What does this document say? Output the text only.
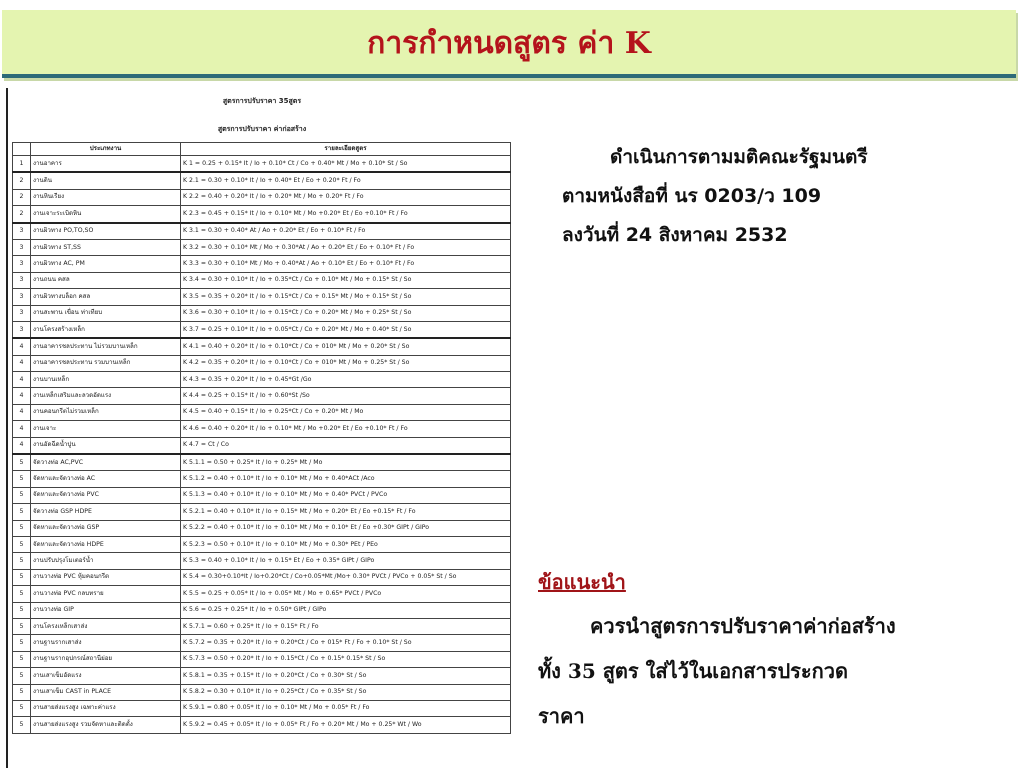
การกำหนดสูตร ค่า K
สูตรการปรับราคา 35สูตร
สูตรการปรับราคา ค่าก่อสร้าง
	ประเภทงาน	รายละเอียดสูตร
1	งานอาคาร	K 1 = 0.25 + 0.15* It / Io + 0.10* Ct / Co + 0.40* Mt / Mo + 0.10* St / So
2	งานดิน	K 2.1 = 0.30 + 0.10* It / Io + 0.40* Et / Eo + 0.20* Ft / Fo
2	งานหินเรียง	K 2.2 = 0.40 + 0.20* It / Io + 0.20* Mt / Mo + 0.20* Ft / Fo
2	งานเจาะระเบิดหิน	K 2.3 = 0.45 + 0.15* It / Io + 0.10* Mt / Mo +0.20* Et / Eo +0.10* Ft / Fo
3	งานผิวทาง PO,TO,SO	K 3.1 = 0.30 + 0.40* At / Ao + 0.20* Et / Eo + 0.10* Ft / Fo
3	งานผิวทาง ST,SS	K 3.2 = 0.30 + 0.10* Mt / Mo + 0.30*At / Ao + 0.20* Et / Eo + 0.10* Ft / Fo
3	งานผิวทาง AC, PM	K 3.3 = 0.30 + 0.10* Mt / Mo + 0.40*At / Ao + 0.10* Et / Eo + 0.10* Ft / Fo
3	งานถนน คสล	K 3.4 = 0.30 + 0.10* It / Io + 0.35*Ct / Co + 0.10* Mt / Mo + 0.15* St / So
3	งานผิวทางบล็อก คสล	K 3.5 = 0.35 + 0.20* It / Io + 0.15*Ct / Co + 0.15* Mt / Mo + 0.15* St / So
3	งานสะพาน เขื่อน ท่าเทียบ	K 3.6 = 0.30 + 0.10* It / Io + 0.15*Ct / Co + 0.20* Mt / Mo + 0.25* St / So
3	งานโครงสร้างเหล็ก	K 3.7 = 0.25 + 0.10* It / Io + 0.05*Ct / Co + 0.20* Mt / Mo + 0.40* St / So
4	งานอาคารชลประทาน ไม่รวมบานเหล็ก	K 4.1 = 0.40 + 0.20* It / Io + 0.10*Ct / Co + 010* Mt / Mo + 0.20* St / So
4	งานอาคารชลประทาน รวมบานเหล็ก	K 4.2 = 0.35 + 0.20* It / Io + 0.10*Ct / Co + 010* Mt / Mo + 0.25* St / So
4	งานบานเหล็ก	K 4.3 = 0.35 + 0.20* It / Io + 0.45*Gt /Go
4	งานเหล็กเสริมและลวดอัดแรง	K 4.4 = 0.25 + 0.15* It / Io + 0.60*St /So
4	งานคอนกรีตไม่รวมเหล็ก	K 4.5 = 0.40 + 0.15* It / Io + 0.25*Ct / Co + 0.20* Mt / Mo
4	งานเจาะ	K 4.6 = 0.40 + 0.20* It / Io + 0.10* Mt / Mo +0.20* Et / Eo +0.10* Ft / Fo
4	งานอัดฉีดน้ำปูน	K 4.7 = Ct / Co
5	จัดวางท่อ AC,PVC	K 5.1.1 = 0.50 + 0.25* It / Io + 0.25* Mt / Mo
5	จัดหาและจัดวางท่อ AC	K 5.1.2 = 0.40 + 0.10* It / Io + 0.10* Mt / Mo + 0.40*ACt /Aco
5	จัดหาและจัดวางท่อ PVC	K 5.1.3 = 0.40 + 0.10* It / Io + 0.10* Mt / Mo + 0.40* PVCt / PVCo
5	จัดวางท่อ GSP HDPE	K 5.2.1 = 0.40 + 0.10* It / Io + 0.15* Mt / Mo + 0.20* Et / Eo +0.15* Ft / Fo
5	จัดหาและจัดวางท่อ GSP	K 5.2.2 = 0.40 + 0.10* It / Io + 0.10* Mt / Mo + 0.10* Et / Eo +0.30* GIPt / GIPo
5	จัดหาและจัดวางท่อ HDPE	K 5.2.3 = 0.50 + 0.10* It / Io + 0.10* Mt / Mo + 0.30* PEt / PEo
5	งานปรับปรุงโมเตอร์น้ำ	K 5.3 = 0.40 + 0.10* It / Io + 0.15* Et / Eo + 0.35* GIPt / GIPo
5	งานวางท่อ PVC หุ้มคอนกรีต	K 5.4 = 0.30+0.10*It / Io+0.20*Ct / Co+0.05*Mt /Mo+ 0.30* PVCt / PVCo + 0.05* St / So
5	งานวางท่อ PVC กลบทราย	K 5.5 = 0.25 + 0.05* It / Io + 0.05* Mt / Mo + 0.65* PVCt / PVCo
5	งานวางท่อ GIP	K 5.6 = 0.25 + 0.25* It / Io + 0.50* GIPt / GIPo
5	งานโครงเหล็กเสาส่ง	K 5.7.1 = 0.60 + 0.25* It / Io + 0.15* Ft / Fo
5	งานฐานรากเสาส่ง	K 5.7.2 = 0.35 + 0.20* It / Io + 0.20*Ct / Co + 015* Ft / Fo + 0.10* St / So
5	งานฐานรากอุปกรณ์สถานีย่อย	K 5.7.3 = 0.50 + 0.20* It / Io + 0.15*Ct / Co + 0.15* 0.15* St / So
5	งานเสาเข็มอัดแรง	K 5.8.1 = 0.35 + 0.15* It / Io + 0.20*Ct / Co + 0.30* St / So
5	งานเสาเข็ม CAST in PLACE	K 5.8.2 = 0.30 + 0.10* It / Io + 0.25*Ct / Co + 0.35* St / So
5	งานสายส่งแรงสูง เฉพาะค่าแรง	K 5.9.1 = 0.80 + 0.05* It / Io + 0.10* Mt / Mo + 0.05* Ft / Fo
5	งานสายส่งแรงสูง รวมจัดหาและติดตั้ง	K 5.9.2 = 0.45 + 0.05* It / Io + 0.05* Ft / Fo + 0.20* Mt / Mo + 0.25* Wt / Wo
ดำเนินการตามมติคณะรัฐมนตรี
ตามหนังสือที่ นร 0203/ว 109
ลงวันที่ 24 สิงหาคม 2532
ข้อแนะนำ
ควรนำสูตรการปรับราคาค่าก่อสร้าง
ทั้ง 35 สูตร ใส่ไว้ในเอกสารประกวด
ราคา
